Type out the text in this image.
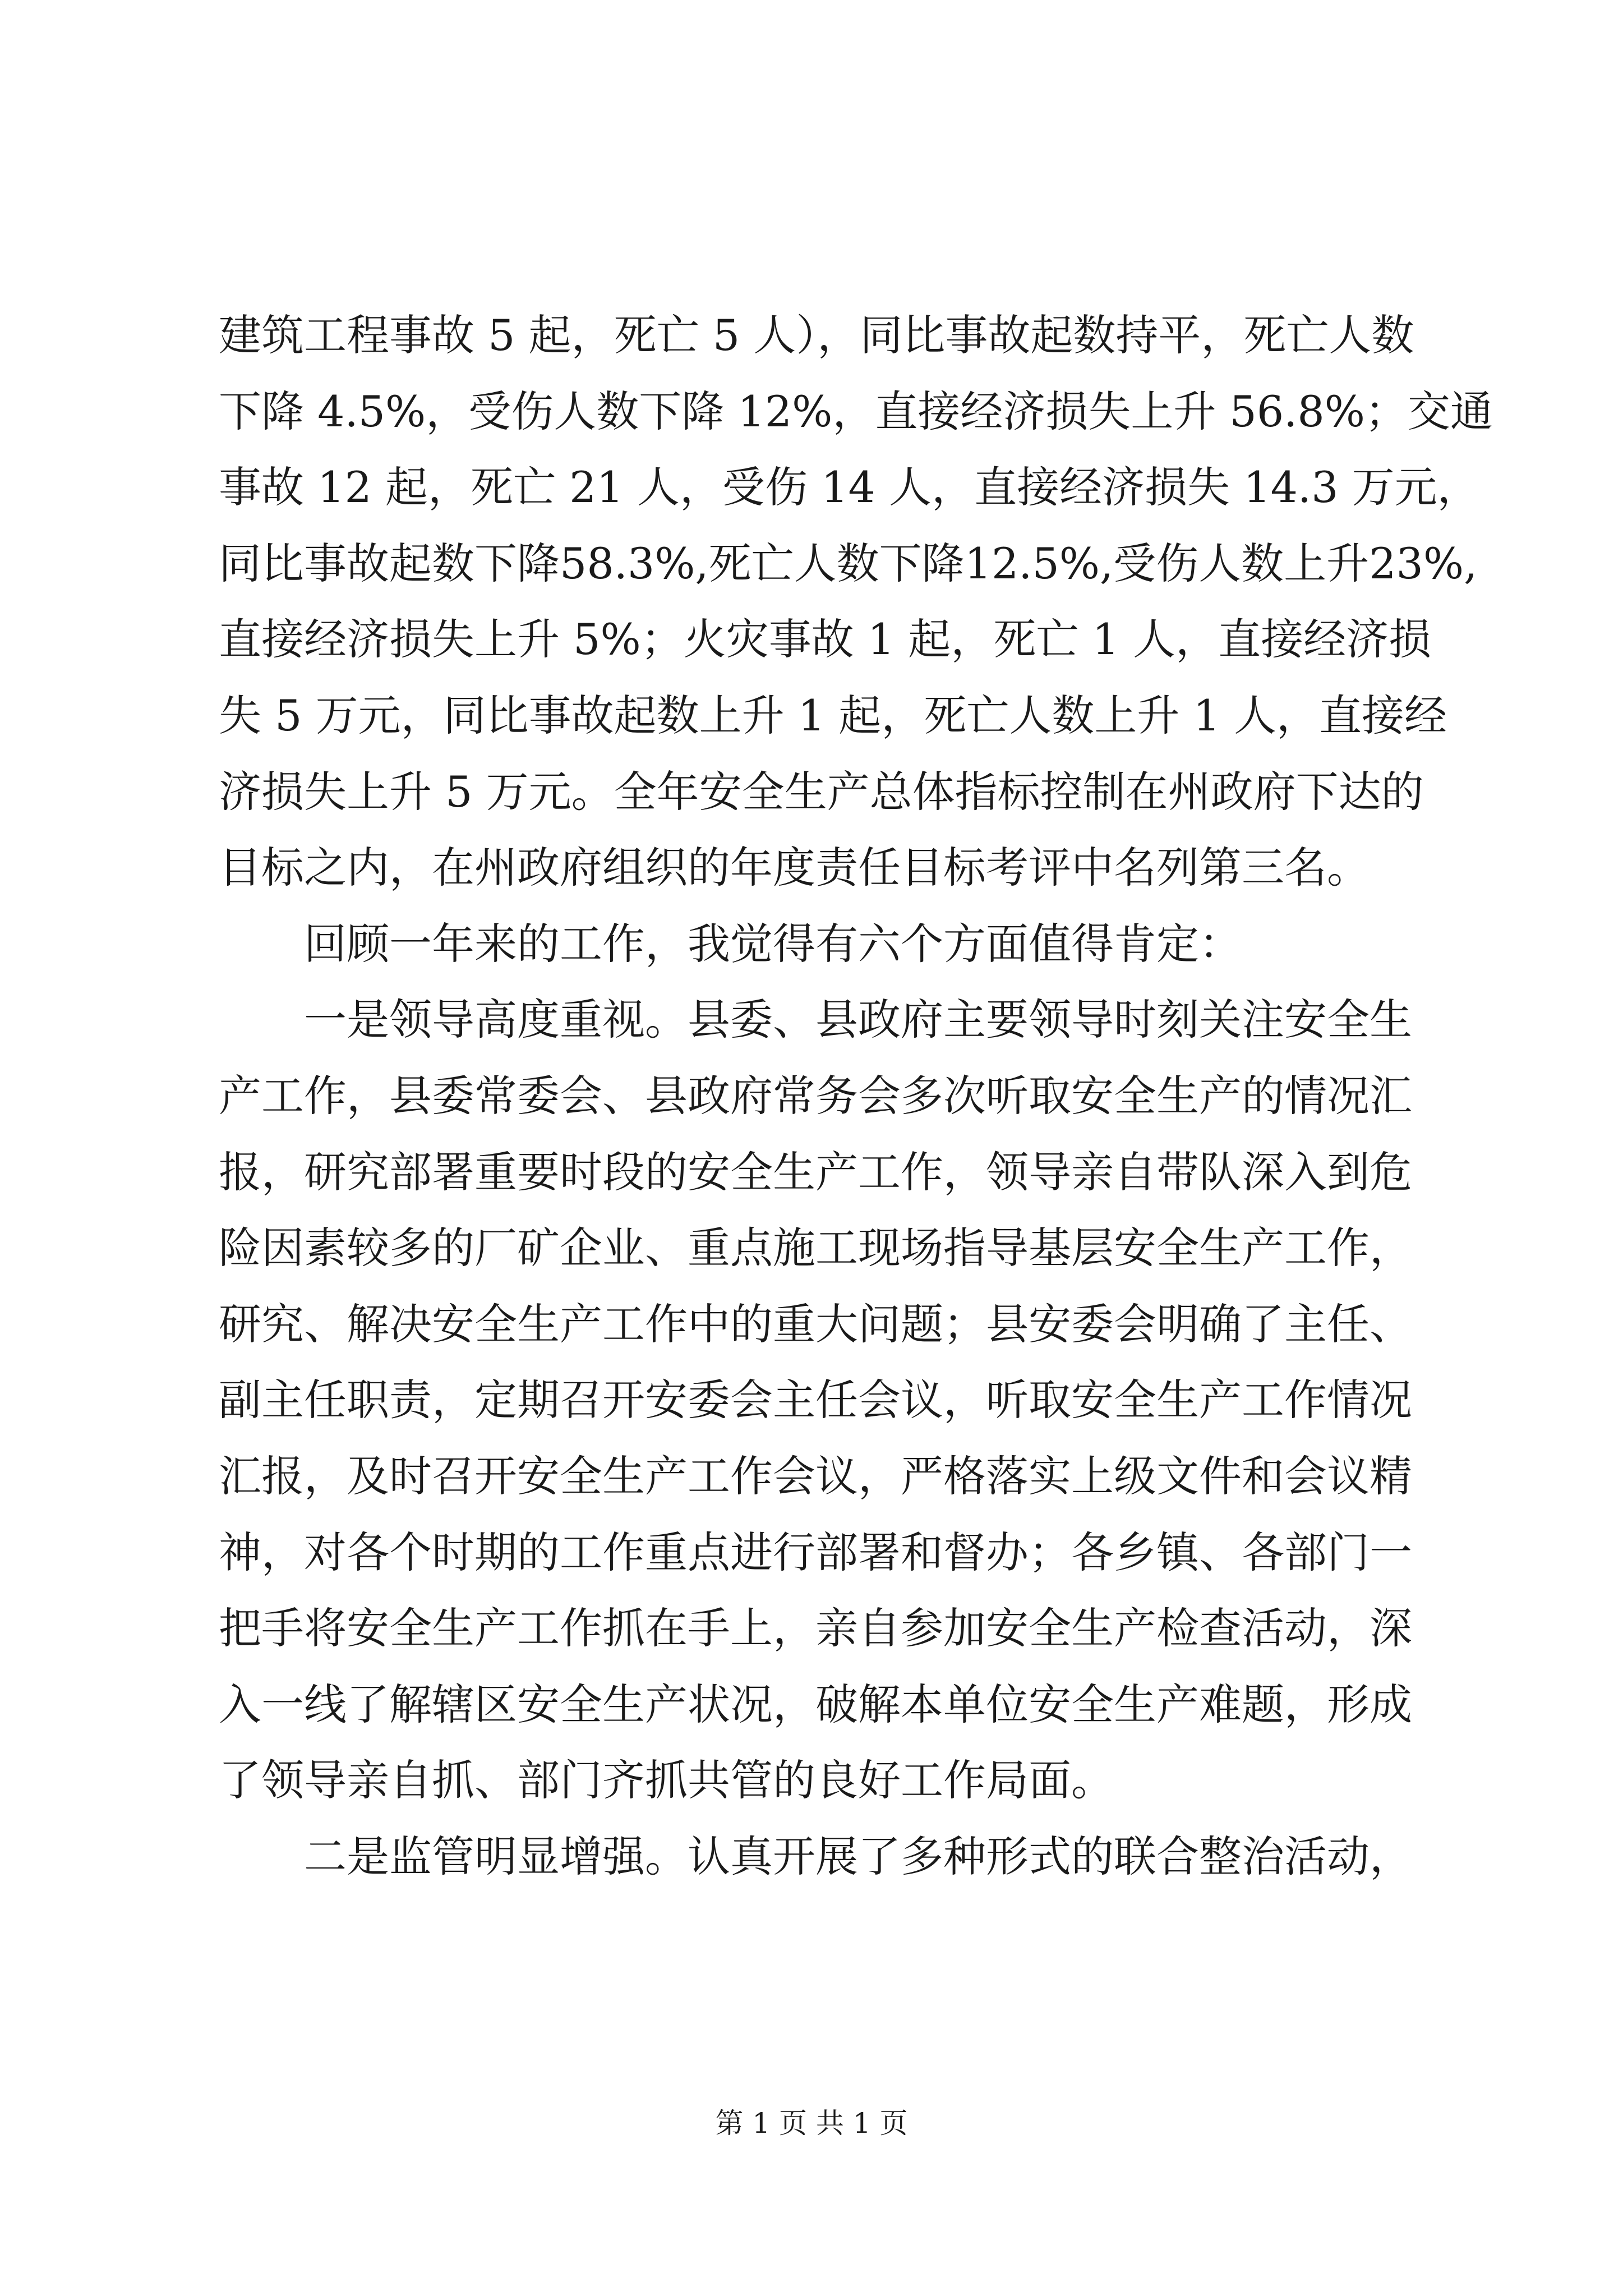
建筑工程事故 5 起，死亡 5 人），同比事故起数持平，死亡人数
下降 4.5%，受伤人数下降 12%，直接经济损失上升 56.8%；交通
事故 12 起，死亡 21 人，受伤 14 人，直接经济损失 14.3 万元，
同比事故起数下降58.3%,死亡人数下降12.5%,受伤人数上升23%,
直接经济损失上升 5%；火灾事故 1 起，死亡 1 人，直接经济损
失 5 万元，同比事故起数上升 1 起，死亡人数上升 1 人，直接经
济损失上升 5 万元。全年安全生产总体指标控制在州政府下达的
目标之内，在州政府组织的年度责任目标考评中名列第三名。
回顾一年来的工作，我觉得有六个方面值得肯定：
一是领导高度重视。县委、县政府主要领导时刻关注安全生
产工作，县委常委会、县政府常务会多次听取安全生产的情况汇
报，研究部署重要时段的安全生产工作，领导亲自带队深入到危
险因素较多的厂矿企业、重点施工现场指导基层安全生产工作，
研究、解决安全生产工作中的重大问题；县安委会明确了主任、
副主任职责，定期召开安委会主任会议，听取安全生产工作情况
汇报，及时召开安全生产工作会议，严格落实上级文件和会议精
神，对各个时期的工作重点进行部署和督办；各乡镇、各部门一
把手将安全生产工作抓在手上，亲自参加安全生产检查活动，深
入一线了解辖区安全生产状况，破解本单位安全生产难题，形成
了领导亲自抓、部门齐抓共管的良好工作局面。
二是监管明显增强。认真开展了多种形式的联合整治活动，
第 1 页 共 1 页
